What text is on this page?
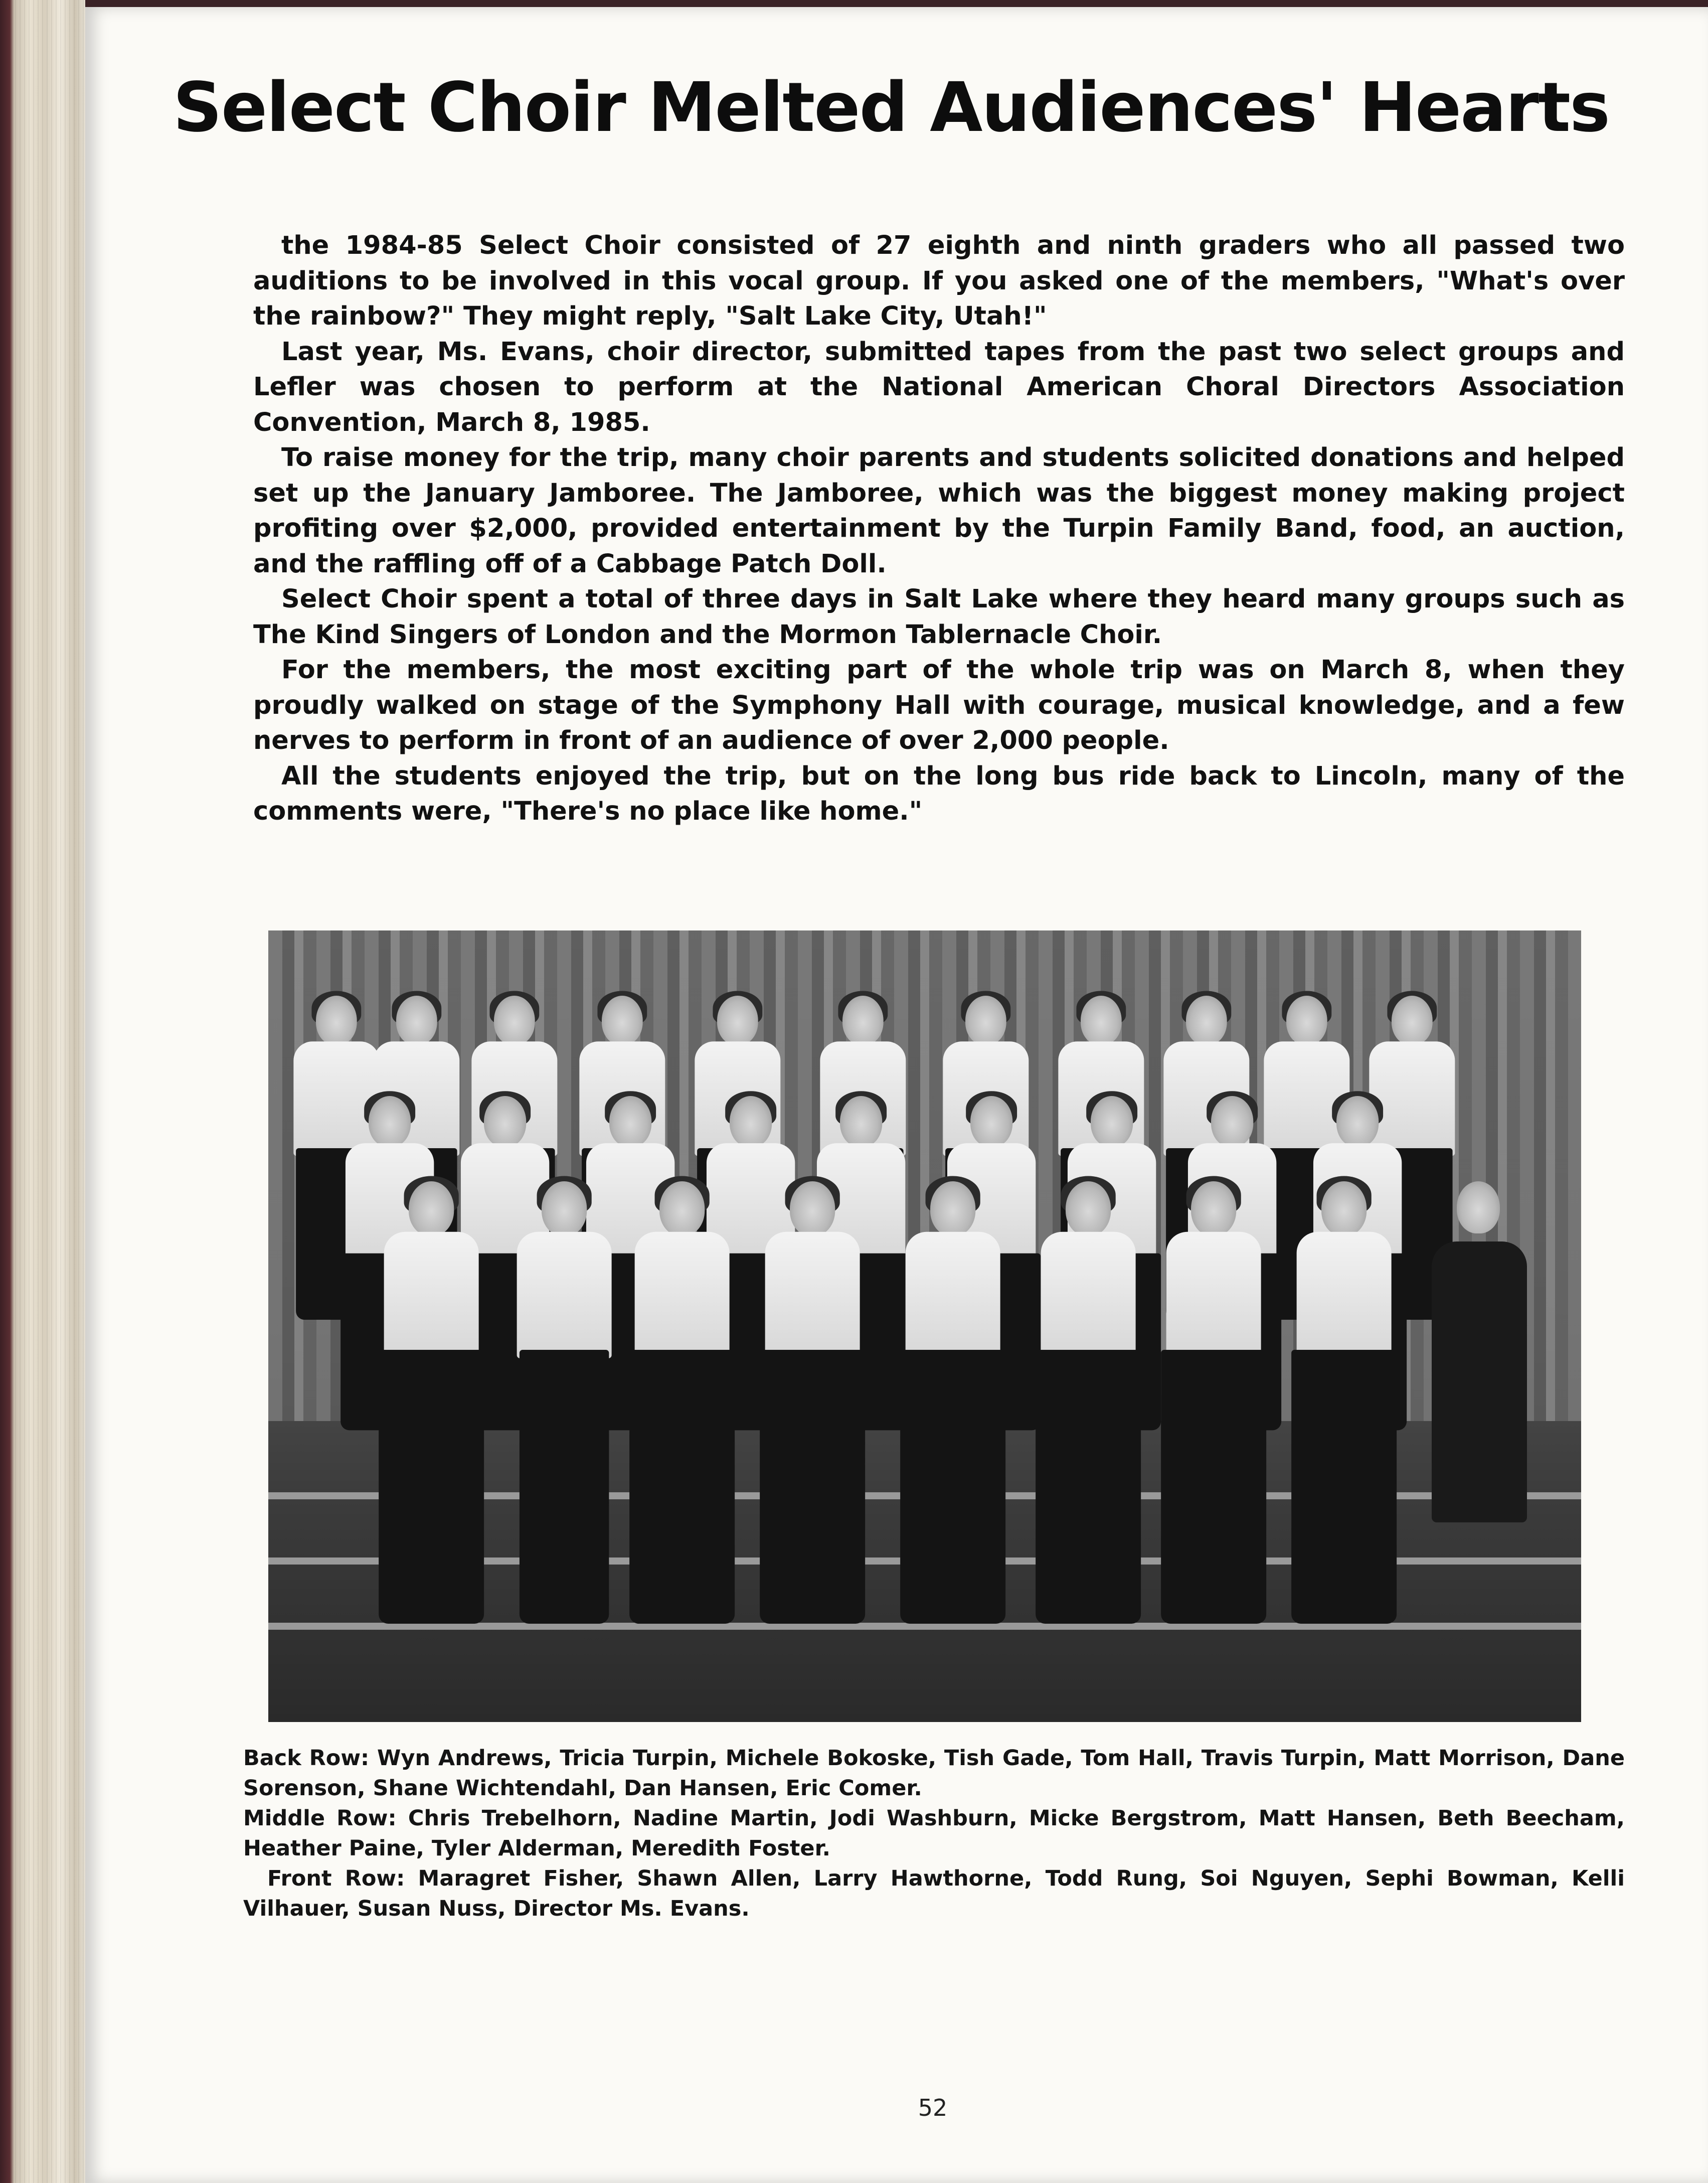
Select Choir Melted Audiences' Hearts

the 1984-85 Select Choir consisted of 27 eighth and ninth graders who all passed two auditions to be involved in this vocal group. If you asked one of the members, "What's over the rainbow?" They might reply, "Salt Lake City, Utah!"

Last year, Ms. Evans, choir director, submitted tapes from the past two select groups and Lefler was chosen to perform at the National American Choral Directors Association Convention, March 8, 1985.

To raise money for the trip, many choir parents and students solicited donations and helped set up the January Jamboree. The Jamboree, which was the biggest money making project profiting over $2,000, provided entertainment by the Turpin Family Band, food, an auction, and the raffling off of a Cabbage Patch Doll.

Select Choir spent a total of three days in Salt Lake where they heard many groups such as The Kind Singers of London and the Mormon Tablernacle Choir.

For the members, the most exciting part of the whole trip was on March 8, when they proudly walked on stage of the Symphony Hall with courage, musical knowledge, and a few nerves to perform in front of an audience of over 2,000 people.

All the students enjoyed the trip, but on the long bus ride back to Lincoln, many of the comments were, "There's no place like home."

Back Row: Wyn Andrews, Tricia Turpin, Michele Bokoske, Tish Gade, Tom Hall, Travis Turpin, Matt Morrison, Dane Sorenson, Shane Wichtendahl, Dan Hansen, Eric Comer.

Middle Row: Chris Trebelhorn, Nadine Martin, Jodi Washburn, Micke Bergstrom, Matt Hansen, Beth Beecham, Heather Paine, Tyler Alderman, Meredith Foster.

Front Row: Maragret Fisher, Shawn Allen, Larry Hawthorne, Todd Rung, Soi Nguyen, Sephi Bowman, Kelli Vilhauer, Susan Nuss, Director Ms. Evans.

52
